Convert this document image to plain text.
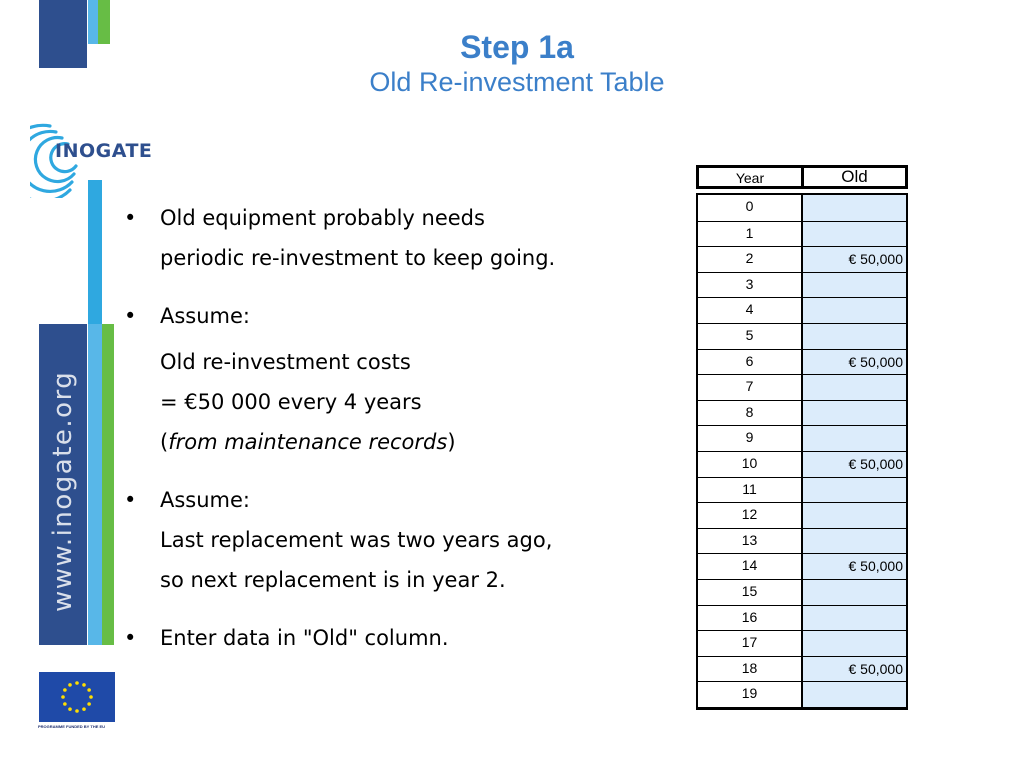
www.inogate.org
INOGATE
PROGRAMME FUNDED BY THE EU
Step 1a
Old Re-investment Table
• Old equipment probably needs
periodic re-investment to keep going.
• Assume:
Old re-investment costs
= €50 000 every 4 years
(from maintenance records)
• Assume:
Last replacement was two years ago,
so next replacement is in year 2.
• Enter data in "Old" column.
Year	Old
0
1
2	€ 50,000
3
4
5
6	€ 50,000
7
8
9
10	€ 50,000
11
12
13
14	€ 50,000
15
16
17
18	€ 50,000
19
